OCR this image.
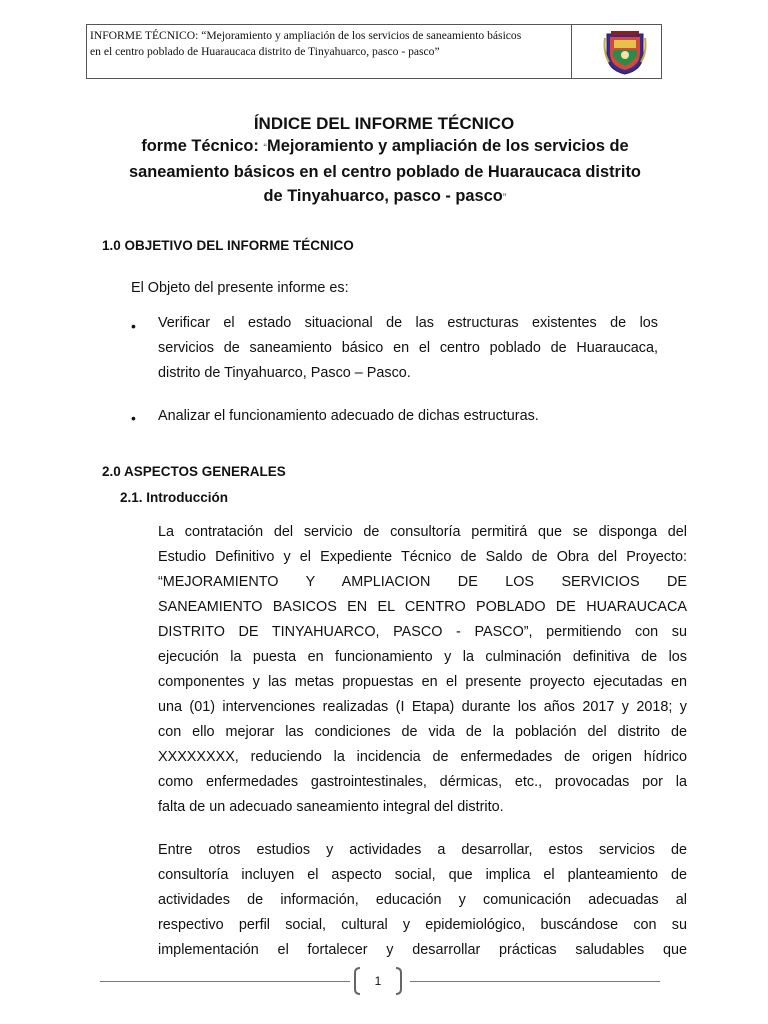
INFORME TÉCNICO: “Mejoramiento y ampliación de los servicios de saneamiento básicos
en el centro poblado de Huaraucaca distrito de Tinyahuarco, pasco - pasco”
ÍNDICE DEL INFORME TÉCNICO
forme Técnico: “Mejoramiento y ampliación de los servicios de
saneamiento básicos en el centro poblado de Huaraucaca distrito
de Tinyahuarco, pasco - pasco”
1.0 OBJETIVO DEL INFORME TÉCNICO
El Objeto del presente informe es:
• Verificar el estado situacional de las estructuras existentes de los
servicios de saneamiento básico en el centro poblado de Huaraucaca,
distrito de Tinyahuarco, Pasco – Pasco.
• Analizar el funcionamiento adecuado de dichas estructuras.
2.0 ASPECTOS GENERALES
2.1. Introducción
La contratación del servicio de consultoría permitirá que se disponga del
Estudio Definitivo y el Expediente Técnico de Saldo de Obra del Proyecto:
“MEJORAMIENTO Y AMPLIACION DE LOS SERVICIOS DE
SANEAMIENTO BASICOS EN EL CENTRO POBLADO DE HUARAUCACA
DISTRITO DE TINYAHUARCO, PASCO - PASCO”, permitiendo con su
ejecución la puesta en funcionamiento y la culminación definitiva de los
componentes y las metas propuestas en el presente proyecto ejecutadas en
una (01) intervenciones realizadas (I Etapa) durante los años 2017 y 2018; y
con ello mejorar las condiciones de vida de la población del distrito de
XXXXXXXX, reduciendo la incidencia de enfermedades de origen hídrico
como enfermedades gastrointestinales, dérmicas, etc., provocadas por la
falta de un adecuado saneamiento integral del distrito.
Entre otros estudios y actividades a desarrollar, estos servicios de
consultoría incluyen el aspecto social, que implica el planteamiento de
actividades de información, educación y comunicación adecuadas al
respectivo perfil social, cultural y epidemiológico, buscándose con su
implementación el fortalecer y desarrollar prácticas saludables que
1
